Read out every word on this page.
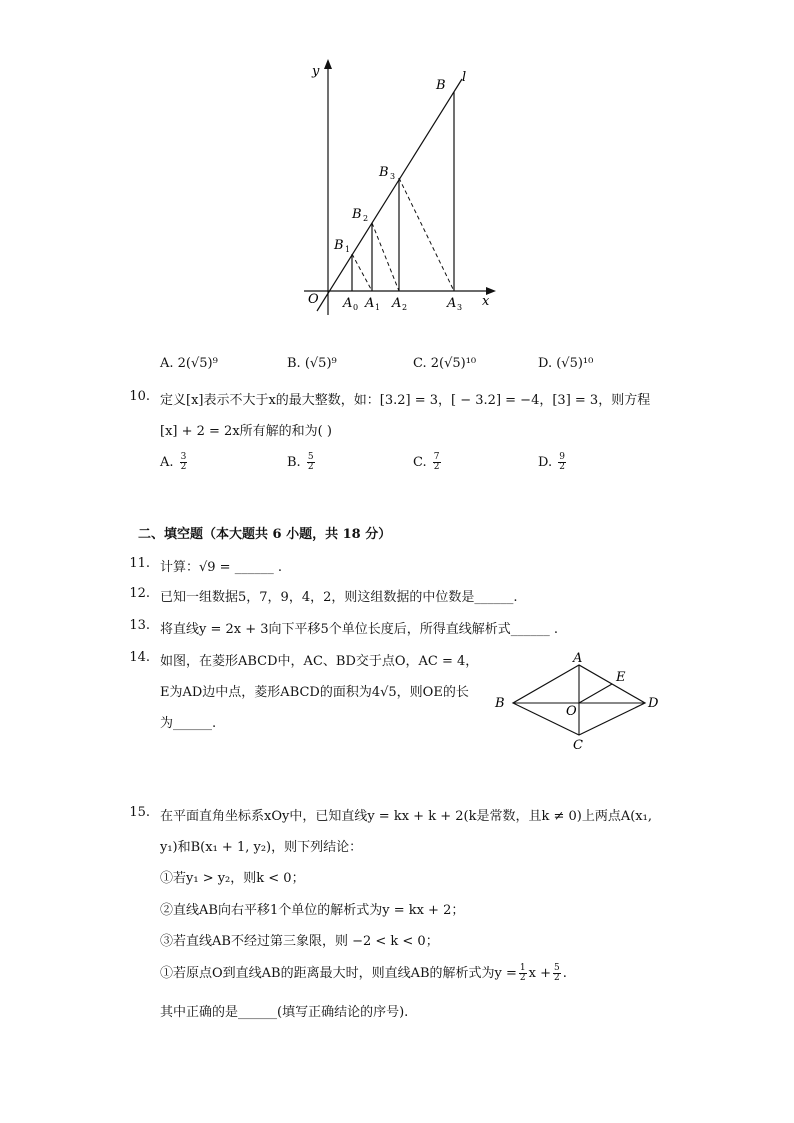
y
x
O
l
B
B 3
B 2
B 1
A 0 A 1 A 2	A 3
A. 2(√5)⁹	B. (√5)⁹	C. 2(√5)¹⁰	D. (√5)¹⁰
10. 定义[x]表示不大于x的最大整数，如：[3.2] = 3，[ − 3.2] = −4，[3] = 3，则方程
[x] + 2 = 2x所有解的和为( )
A. $\frac{3}{2}$	B. $\frac{5}{2}$	C. $\frac{7}{2}$	D. $\frac{9}{2}$
二、填空题（本大题共 6 小题，共 18 分）
11. 计算：√9 = ______ .
12. 已知一组数据5，7，9，4，2，则这组数据的中位数是______.
13. 将直线y = 2x + 3向下平移5个单位长度后，所得直线解析式______ .
14. 如图，在菱形ABCD中，AC、BD交于点O，AC = 4，
E为AD边中点，菱形ABCD的面积为4√5，则OE的长
为______.
A
B
C
D
E
O
15. 在平面直角坐标系xOy中，已知直线y = kx + k + 2(k是常数，且k ≠ 0)上两点A(x₁,
y₁)和B(x₁ + 1, y₂)，则下列结论：
①若y₁ > y₂，则k < 0；
②直线AB向右平移1个单位的解析式为y = kx + 2；
③若直线AB不经过第三象限，则 −2 < k < 0；
①若原点O到直线AB的距离最大时，则直线AB的解析式为$y = \frac{1}{2}$ $x + \frac{5}{2}$ .
其中正确的是______(填写正确结论的序号).
